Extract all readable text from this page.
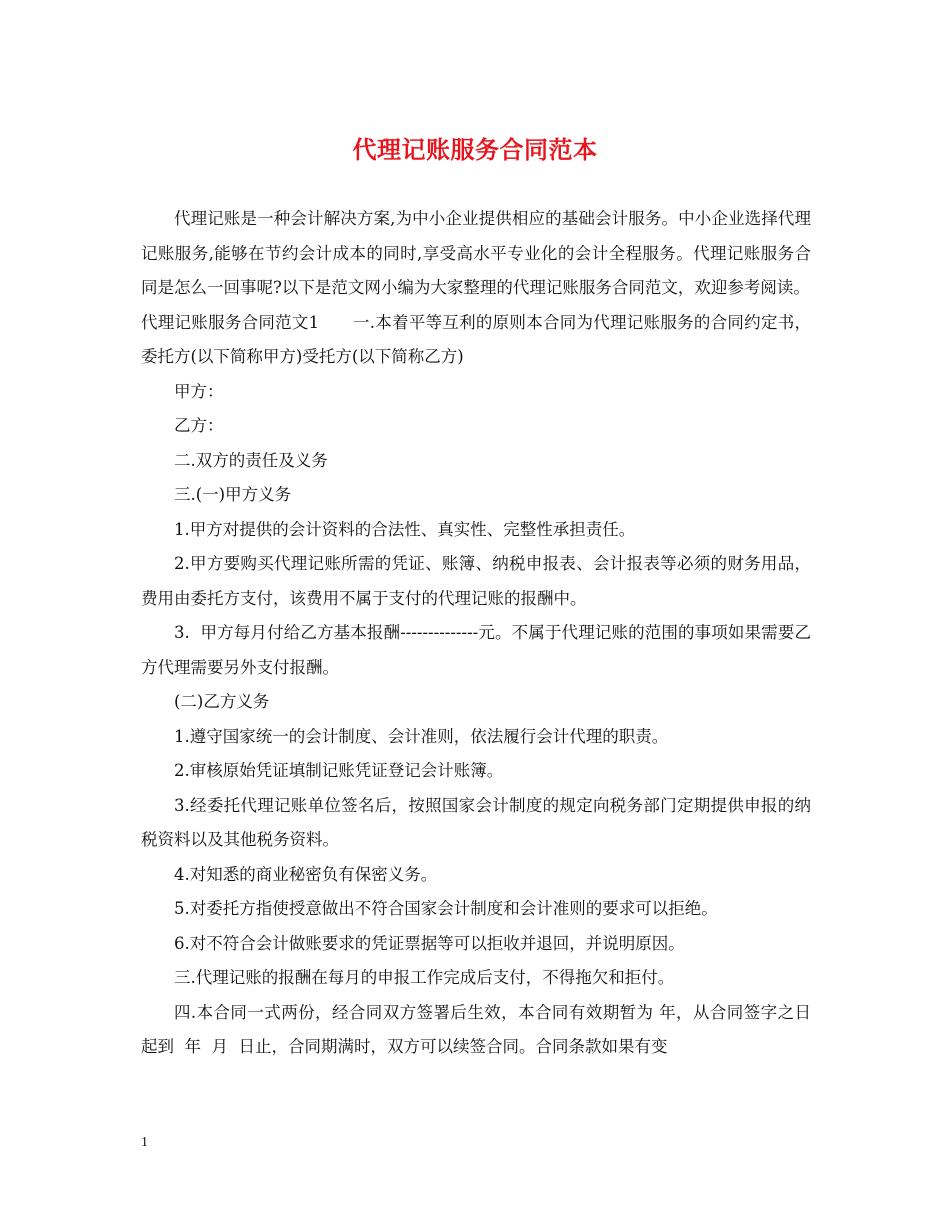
代理记账服务合同范本

代理记账是一种会计解决方案,为中小企业提供相应的基础会计服务。中小企业选择代理记账服务,能够在节约会计成本的同时,享受高水平专业化的会计全程服务。代理记账服务合同是怎么一回事呢?以下是范文网小编为大家整理的代理记账服务合同范文，欢迎参考阅读。

代理记账服务合同范文1　　一.本着平等互利的原则本合同为代理记账服务的合同约定书，委托方(以下简称甲方)受托方(以下简称乙方)

甲方：

乙方：

二.双方的责任及义务

三.(一)甲方义务

1.甲方对提供的会计资料的合法性、真实性、完整性承担责任。

2.甲方要购买代理记账所需的凭证、账簿、纳税申报表、会计报表等必须的财务用品，费用由委托方支付，该费用不属于支付的代理记账的报酬中。

3.  甲方每月付给乙方基本报酬--------------元。不属于代理记账的范围的事项如果需要乙方代理需要另外支付报酬。

(二)乙方义务

1.遵守国家统一的会计制度、会计准则，依法履行会计代理的职责。

2.审核原始凭证填制记账凭证登记会计账簿。

3.经委托代理记账单位签名后，按照国家会计制度的规定向税务部门定期提供申报的纳税资料以及其他税务资料。

4.对知悉的商业秘密负有保密义务。

5.对委托方指使授意做出不符合国家会计制度和会计准则的要求可以拒绝。

6.对不符合会计做账要求的凭证票据等可以拒收并退回，并说明原因。

三.代理记账的报酬在每月的申报工作完成后支付，不得拖欠和拒付。

四.本合同一式两份，经合同双方签署后生效，本合同有效期暂为 年，从合同签字之日起到  年  月  日止，合同期满时，双方可以续签合同。合同条款如果有变

1
